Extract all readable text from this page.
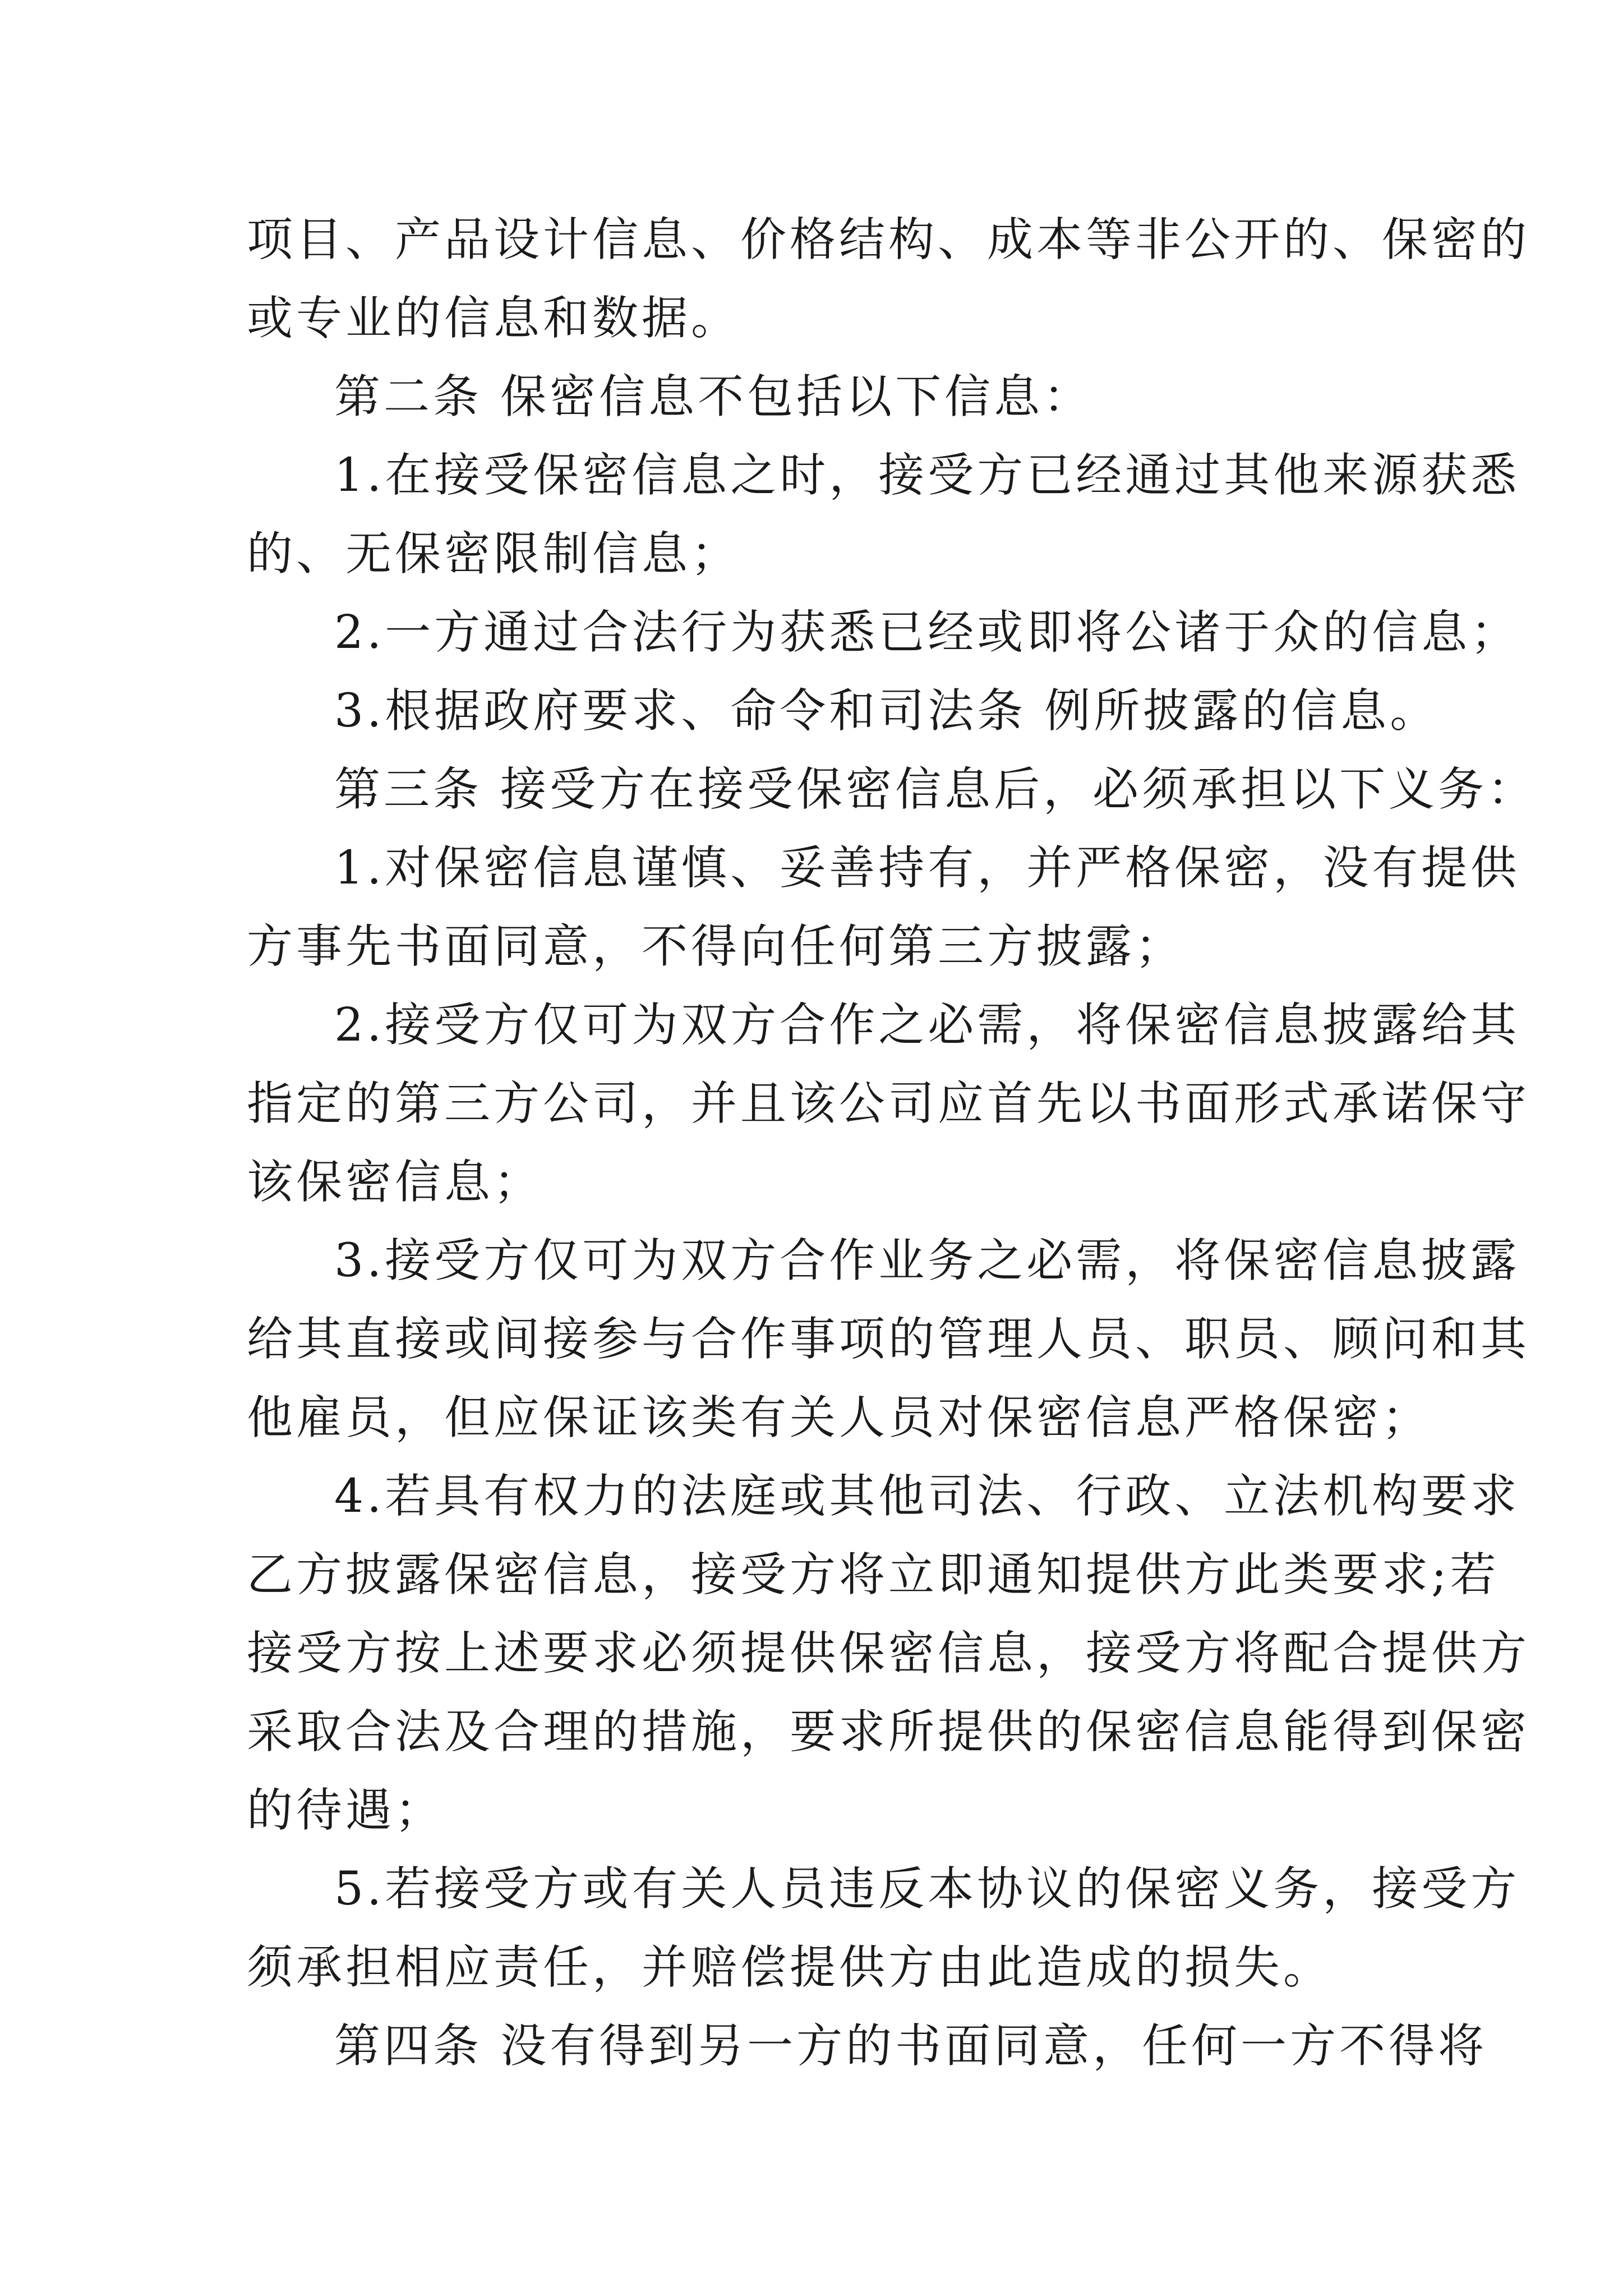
项目、产品设计信息、价格结构、成本等非公开的、保密的
或专业的信息和数据。
第二条 保密信息不包括以下信息：
1.在接受保密信息之时，接受方已经通过其他来源获悉
的、无保密限制信息；
2.一方通过合法行为获悉已经或即将公诸于众的信息；
3.根据政府要求、命令和司法条 例所披露的信息。
第三条 接受方在接受保密信息后，必须承担以下义务：
1.对保密信息谨慎、妥善持有，并严格保密，没有提供
方事先书面同意，不得向任何第三方披露；
2.接受方仅可为双方合作之必需，将保密信息披露给其
指定的第三方公司，并且该公司应首先以书面形式承诺保守
该保密信息；
3.接受方仅可为双方合作业务之必需，将保密信息披露
给其直接或间接参与合作事项的管理人员、职员、顾问和其
他雇员，但应保证该类有关人员对保密信息严格保密；
4.若具有权力的法庭或其他司法、行政、立法机构要求
乙方披露保密信息，接受方将立即通知提供方此类要求;若
接受方按上述要求必须提供保密信息，接受方将配合提供方
采取合法及合理的措施，要求所提供的保密信息能得到保密
的待遇；
5.若接受方或有关人员违反本协议的保密义务，接受方
须承担相应责任，并赔偿提供方由此造成的损失。
第四条 没有得到另一方的书面同意，任何一方不得将
